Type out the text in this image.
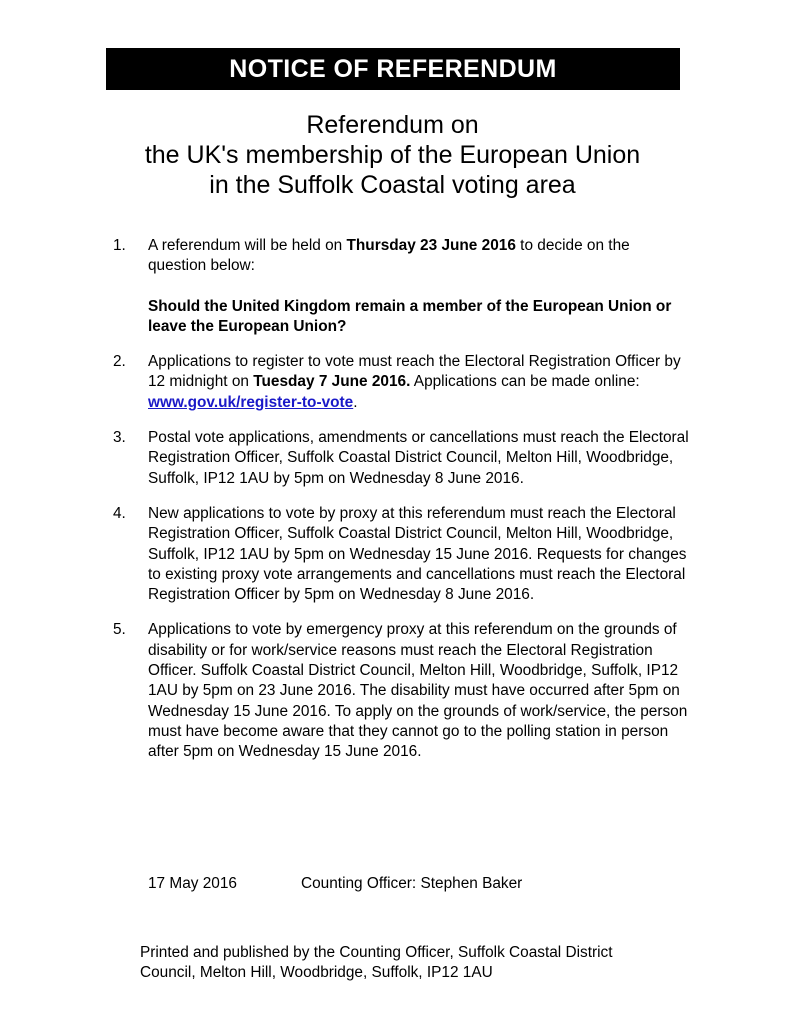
NOTICE OF REFERENDUM
Referendum on
the UK's membership of the European Union
in the Suffolk Coastal voting area
1.	A referendum will be held on Thursday 23 June 2016 to decide on the question below:

Should the United Kingdom remain a member of the European Union or leave the European Union?

2.	Applications to register to vote must reach the Electoral Registration Officer by 12 midnight on Tuesday 7 June 2016. Applications can be made online: www.gov.uk/register-to-vote.

3.	Postal vote applications, amendments or cancellations must reach the Electoral Registration Officer, Suffolk Coastal District Council, Melton Hill, Woodbridge, Suffolk, IP12 1AU by 5pm on Wednesday 8 June 2016.

4.	New applications to vote by proxy at this referendum must reach the Electoral Registration Officer, Suffolk Coastal District Council, Melton Hill, Woodbridge, Suffolk, IP12 1AU by 5pm on Wednesday 15 June 2016. Requests for changes to existing proxy vote arrangements and cancellations must reach the Electoral Registration Officer by 5pm on Wednesday 8 June 2016.

5.	Applications to vote by emergency proxy at this referendum on the grounds of disability or for work/service reasons must reach the Electoral Registration Officer. Suffolk Coastal District Council, Melton Hill, Woodbridge, Suffolk, IP12 1AU by 5pm on 23 June 2016. The disability must have occurred after 5pm on Wednesday 15 June 2016. To apply on the grounds of work/service, the person must have become aware that they cannot go to the polling station in person after 5pm on Wednesday 15 June 2016.

17 May 2016	Counting Officer: Stephen Baker

Printed and published by the Counting Officer, Suffolk Coastal District

Council, Melton Hill, Woodbridge, Suffolk, IP12 1AU
